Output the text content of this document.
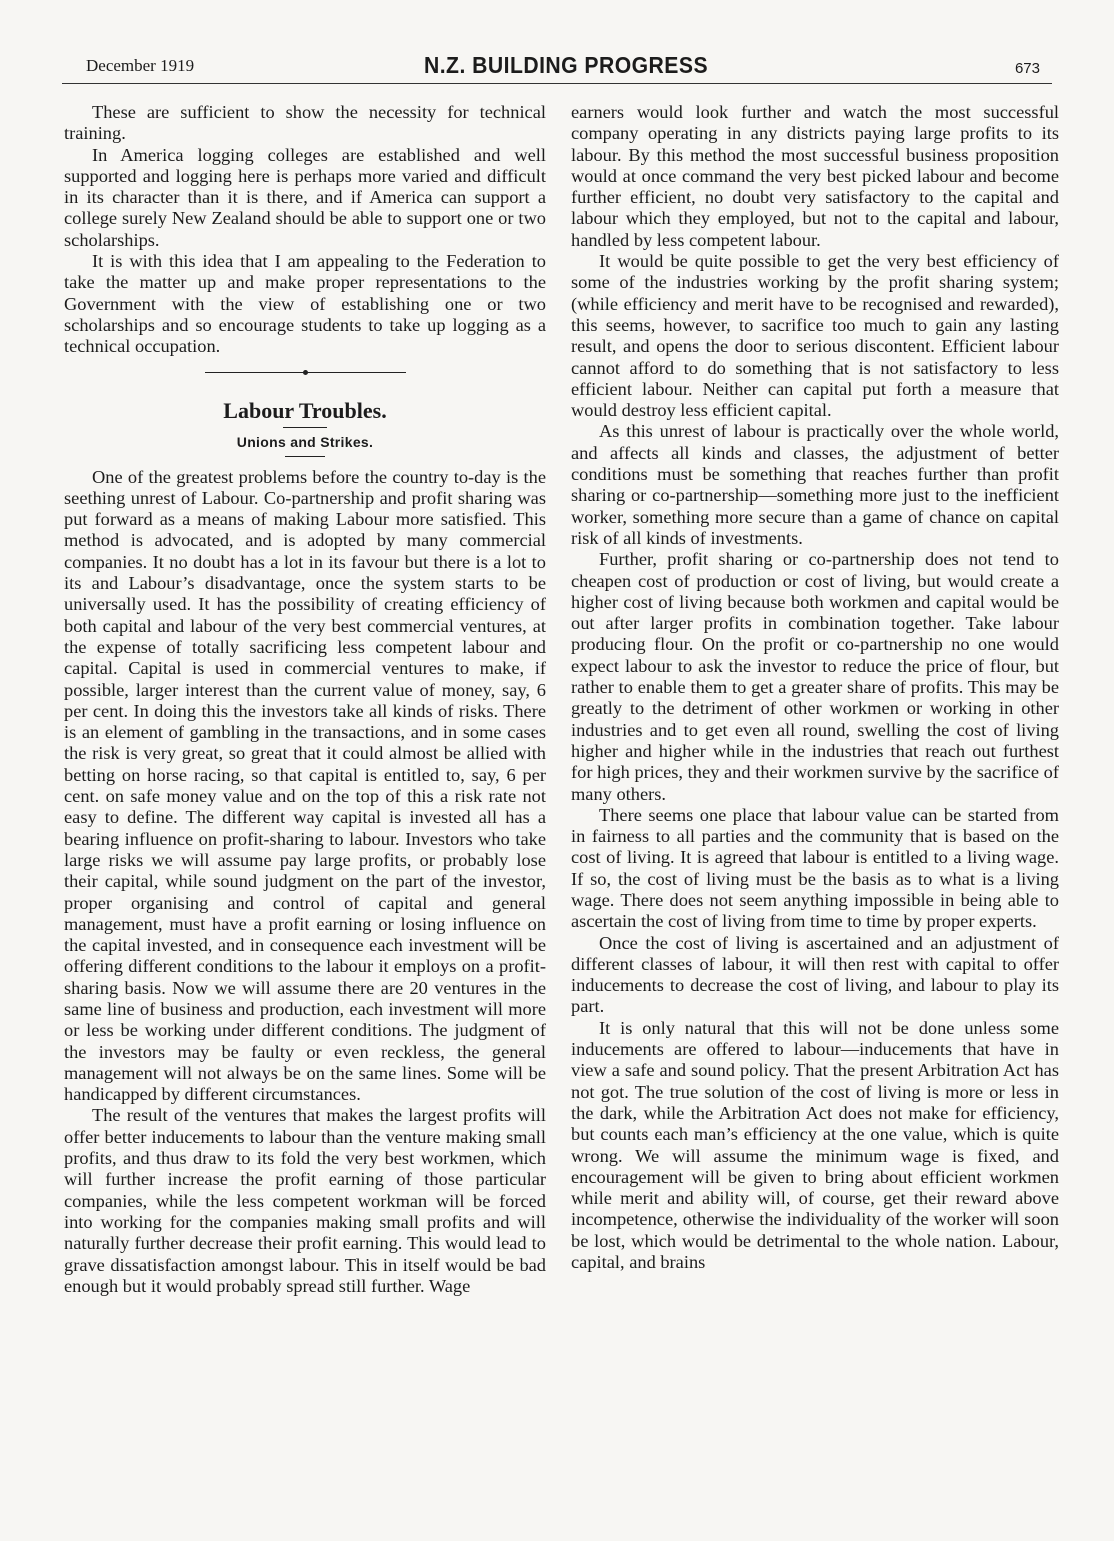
December 1919	N.Z. BUILDING PROGRESS	673

These are sufficient to show the necessity for technical training.

In America logging colleges are established and well supported and logging here is perhaps more varied and difficult in its character than it is there, and if America can support a college surely New Zealand should be able to support one or two scholarships.

It is with this idea that I am appealing to the Federation to take the matter up and make proper representations to the Government with the view of establishing one or two scholarships and so encourage students to take up logging as a technical occupation.

Labour Troubles.
Unions and Strikes.

One of the greatest problems before the country to-day is the seething unrest of Labour. Co-partnership and profit sharing was put forward as a means of making Labour more satisfied. This method is advocated, and is adopted by many commercial companies. It no doubt has a lot in its favour but there is a lot to its and Labour’s disadvantage, once the system starts to be universally used. It has the possibility of creating efficiency of both capital and labour of the very best commercial ventures, at the expense of totally sacrificing less competent labour and capital. Capital is used in commercial ventures to make, if possible, larger interest than the current value of money, say, 6 per cent. In doing this the investors take all kinds of risks. There is an element of gambling in the transactions, and in some cases the risk is very great, so great that it could almost be allied with betting on horse racing, so that capital is entitled to, say, 6 per cent. on safe money value and on the top of this a risk rate not easy to define. The different way capital is invested all has a bearing influence on profit-sharing to labour. Investors who take large risks we will assume pay large profits, or probably lose their capital, while sound judgment on the part of the investor, proper organising and control of capital and general management, must have a profit earning or losing influence on the capital invested, and in consequence each investment will be offering different conditions to the labour it employs on a profit-sharing basis. Now we will assume there are 20 ventures in the same line of business and production, each investment will more or less be working under different conditions. The judgment of the investors may be faulty or even reckless, the general management will not always be on the same lines. Some will be handicapped by different circumstances.

The result of the ventures that makes the largest profits will offer better inducements to labour than the venture making small profits, and thus draw to its fold the very best workmen, which will further increase the profit earning of those particular companies, while the less competent workman will be forced into working for the companies making small profits and will naturally further decrease their profit earning. This would lead to grave dissatisfaction amongst labour. This in itself would be bad enough but it would probably spread still further. Wage

earners would look further and watch the most successful company operating in any districts paying large profits to its labour. By this method the most successful business proposition would at once command the very best picked labour and become further efficient, no doubt very satisfactory to the capital and labour which they employed, but not to the capital and labour, handled by less competent labour.

It would be quite possible to get the very best efficiency of some of the industries working by the profit sharing system; (while efficiency and merit have to be recognised and rewarded), this seems, however, to sacrifice too much to gain any lasting result, and opens the door to serious discontent. Efficient labour cannot afford to do something that is not satisfactory to less efficient labour. Neither can capital put forth a measure that would destroy less efficient capital.

As this unrest of labour is practically over the whole world, and affects all kinds and classes, the adjustment of better conditions must be something that reaches further than profit sharing or co-partnership—something more just to the inefficient worker, something more secure than a game of chance on capital risk of all kinds of investments.

Further, profit sharing or co-partnership does not tend to cheapen cost of production or cost of living, but would create a higher cost of living because both workmen and capital would be out after larger profits in combination together. Take labour producing flour. On the profit or co-partnership no one would expect labour to ask the investor to reduce the price of flour, but rather to enable them to get a greater share of profits. This may be greatly to the detriment of other workmen or working in other industries and to get even all round, swelling the cost of living higher and higher while in the industries that reach out furthest for high prices, they and their workmen survive by the sacrifice of many others.

There seems one place that labour value can be started from in fairness to all parties and the community that is based on the cost of living. It is agreed that labour is entitled to a living wage. If so, the cost of living must be the basis as to what is a living wage. There does not seem anything impossible in being able to ascertain the cost of living from time to time by proper experts.

Once the cost of living is ascertained and an adjustment of different classes of labour, it will then rest with capital to offer inducements to decrease the cost of living, and labour to play its part.

It is only natural that this will not be done unless some inducements are offered to labour—inducements that have in view a safe and sound policy. That the present Arbitration Act has not got. The true solution of the cost of living is more or less in the dark, while the Arbitration Act does not make for efficiency, but counts each man’s efficiency at the one value, which is quite wrong. We will assume the minimum wage is fixed, and encouragement will be given to bring about efficient workmen while merit and ability will, of course, get their reward above incompetence, otherwise the individuality of the worker will soon be lost, which would be detrimental to the whole nation. Labour, capital, and brains
